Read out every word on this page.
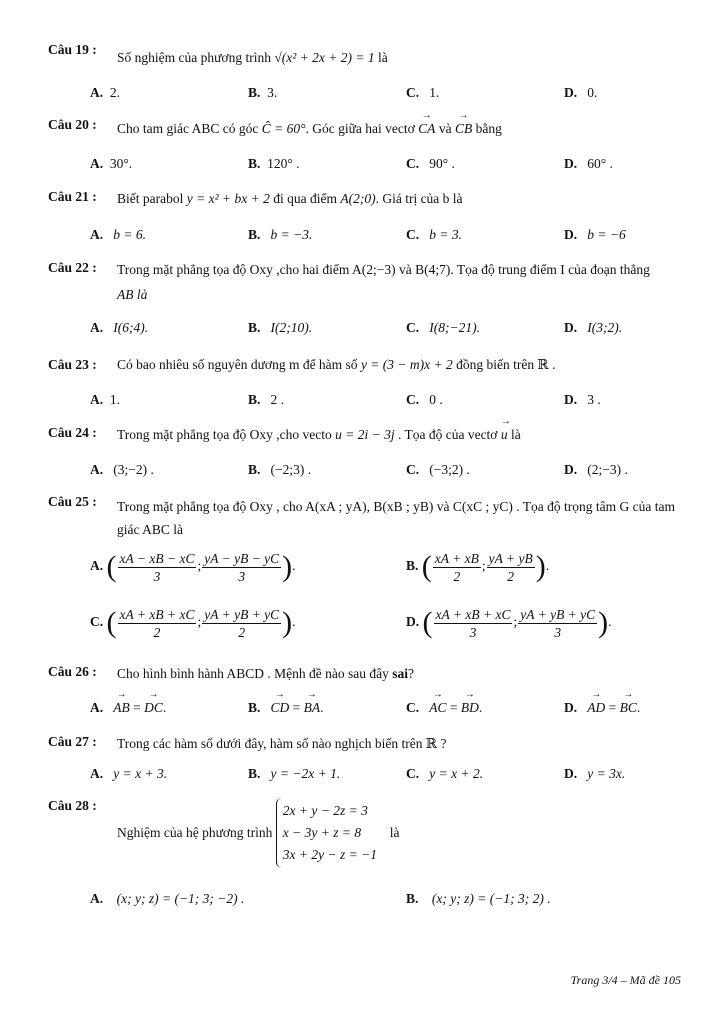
Câu 19 :
Số nghiệm của phương trình √(x² + 2x + 2) = 1 là
A. 2.	B. 3.	C. 1.	D. 0.
Câu 20 : Cho tam giác ABC có góc Ĉ = 60°. Góc giữa hai vectơ → CA và → CB bằng
A. 30°.	B. 120° .	C. 90° .	D. 60° .
Câu 21 : Biết parabol y = x² + bx + 2 đi qua điểm A(2;0). Giá trị của b là
A. b = 6.	B. b = −3.	C. b = 3.	D. b = −6
Câu 22 : Trong mặt phẳng tọa độ Oxy ,cho hai điểm A(2;−3) và B(4;7). Tọa độ trung điểm I của đoạn thẳng
AB là
A. I(6;4).	B. I(2;10).	C. I(8;−21).	D. I(3;2).
Câu 23 : Có bao nhiêu số nguyên dương m để hàm số y = (3 − m)x + 2 đồng biến trên ℝ .
A. 1.	B. 2 .	C. 0 .	D. 3 .
Câu 24 : Trong mặt phẳng tọa độ Oxy ,cho vecto u = 2i − 3j . Tọa độ của vectơ → u là
A. (3;−2) .	B. (−2;3) .	C. (−3;2) .	D. (2;−3) .
Câu 25 : Trong mặt phẳng tọa độ Oxy , cho A(xA ; yA), B(xB ; yB) và C(xC ; yC) . Tọa độ trọng tâm G của tam
giác ABC là
A. ( $\frac{xA - xB - xC}{3}$ ; $\frac{yA - yB - yC}{3}$ ).	B. ( $\frac{xA + xB}{2}$ ; $\frac{yA + yB}{2}$ ).
C. ( $\frac{xA + xB + xC}{2}$ ; $\frac{yA + yB + yC}{2}$ ).	D. ( $\frac{xA + xB + xC}{3}$ ; $\frac{yA + yB + yC}{3}$ ).
Câu 26 : Cho hình bình hành ABCD . Mệnh đề nào sau đây sai?
A. → AB = → DC.	B. → CD = → BA.	C. → AC = → BD.	D. → AD = → BC.
Câu 27 : Trong các hàm số dưới đây, hàm số nào nghịch biến trên ℝ ?
A. y = x + 3.	B. y = −2x + 1.	C. y = x + 2.	D. y = 3x.
Câu 28 :
Nghiệm của hệ phương trình 2x + y − 2z = 3
x − 3y + z = 8
3x + 2y − z = −1  là
A. (x; y; z) = (−1; 3; −2) .	B. (x; y; z) = (−1; 3; 2) .
Trang 3/4 – Mã đề 105
